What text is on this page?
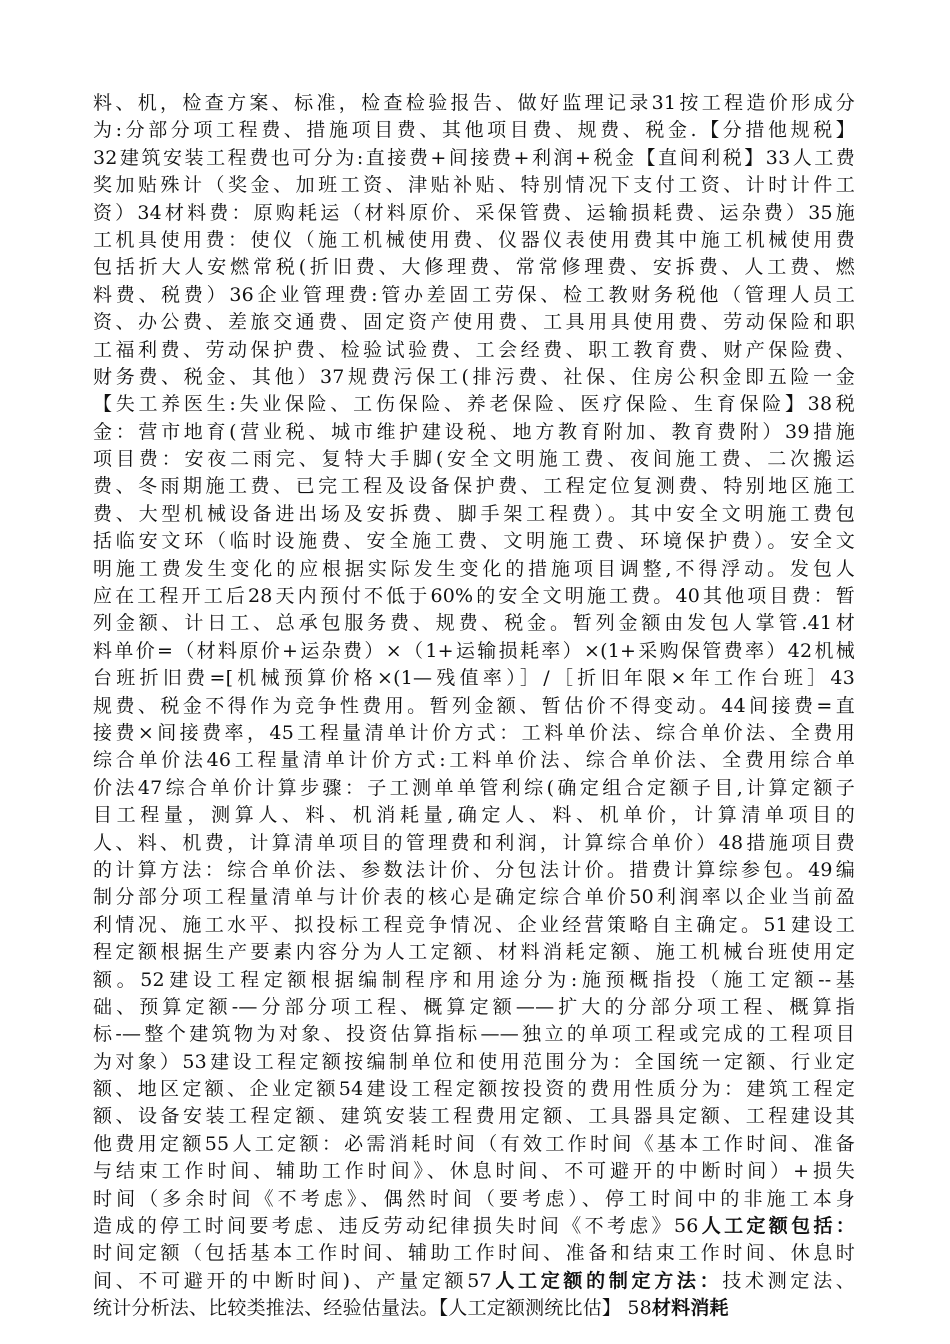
料、机，检查方案、标准，检查检验报告、做好监理记录31按工程造价形成分
为:分部分项工程费、措施项目费、其他项目费、规费、税金.【分措他规税】
32建筑安装工程费也可分为:直接费+间接费+利润+税金【直间利税】33人工费
奖加贴殊计（奖金、加班工资、津贴补贴、特别情况下支付工资、计时计件工
资）34材料费：原购耗运（材料原价、采保管费、运输损耗费、运杂费）35施
工机具使用费：使仪（施工机械使用费、仪器仪表使用费其中施工机械使用费
包括折大人安燃常税(折旧费、大修理费、常常修理费、安拆费、人工费、燃
料费、税费）36企业管理费:管办差固工劳保、检工教财务税他（管理人员工
资、办公费、差旅交通费、固定资产使用费、工具用具使用费、劳动保险和职
工福利费、劳动保护费、检验试验费、工会经费、职工教育费、财产保险费、
财务费、税金、其他）37规费污保工(排污费、社保、住房公积金即五险一金
【失工养医生:失业保险、工伤保险、养老保险、医疗保险、生育保险】38税
金：营市地育(营业税、城市维护建设税、地方教育附加、教育费附）39措施
项目费：安夜二雨完、复特大手脚(安全文明施工费、夜间施工费、二次搬运
费、冬雨期施工费、已完工程及设备保护费、工程定位复测费、特别地区施工
费、大型机械设备进出场及安拆费、脚手架工程费）。其中安全文明施工费包
括临安文环（临时设施费、安全施工费、文明施工费、环境保护费）。安全文
明施工费发生变化的应根据实际发生变化的措施项目调整,不得浮动。发包人
应在工程开工后28天内预付不低于60%的安全文明施工费。40其他项目费：暂
列金额、计日工、总承包服务费、规费、税金。暂列金额由发包人掌管.41材
料单价=（材料原价+运杂费）×（1+运输损耗率）×(1+采购保管费率）42机械
台班折旧费=[机械预算价格×(1—残值率）］/［折旧年限×年工作台班］43
规费、税金不得作为竞争性费用。暂列金额、暂估价不得变动。44间接费=直
接费×间接费率，45工程量清单计价方式：工料单价法、综合单价法、全费用
综合单价法46工程量清单计价方式:工料单价法、综合单价法、全费用综合单
价法47综合单价计算步骤：子工测单单管利综(确定组合定额子目,计算定额子
目工程量，测算人、料、机消耗量,确定人、料、机单价，计算清单项目的
人、料、机费，计算清单项目的管理费和利润，计算综合单价）48措施项目费
的计算方法：综合单价法、参数法计价、分包法计价。措费计算综参包。49编
制分部分项工程量清单与计价表的核心是确定综合单价50利润率以企业当前盈
利情况、施工水平、拟投标工程竞争情况、企业经营策略自主确定。51建设工
程定额根据生产要素内容分为人工定额、材料消耗定额、施工机械台班使用定
额。52建设工程定额根据编制程序和用途分为:施预概指投（施工定额--基
础、预算定额-—分部分项工程、概算定额——扩大的分部分项工程、概算指
标-—整个建筑物为对象、投资估算指标——独立的单项工程或完成的工程项目
为对象）53建设工程定额按编制单位和使用范围分为：全国统一定额、行业定
额、地区定额、企业定额54建设工程定额按投资的费用性质分为：建筑工程定
额、设备安装工程定额、建筑安装工程费用定额、工具器具定额、工程建设其
他费用定额55人工定额：必需消耗时间（有效工作时间《基本工作时间、准备
与结束工作时间、辅助工作时间》、休息时间、不可避开的中断时间）+损失
时间（多余时间《不考虑》、偶然时间（要考虑）、停工时间中的非施工本身
造成的停工时间要考虑、违反劳动纪律损失时间《不考虑》56人工定额包括：
时间定额（包括基本工作时间、辅助工作时间、准备和结束工作时间、休息时
间、不可避开的中断时间)、产量定额57人工定额的制定方法：技术测定法、
统计分析法、比较类推法、经验估量法。【人工定额测统比估】 58材料消耗
